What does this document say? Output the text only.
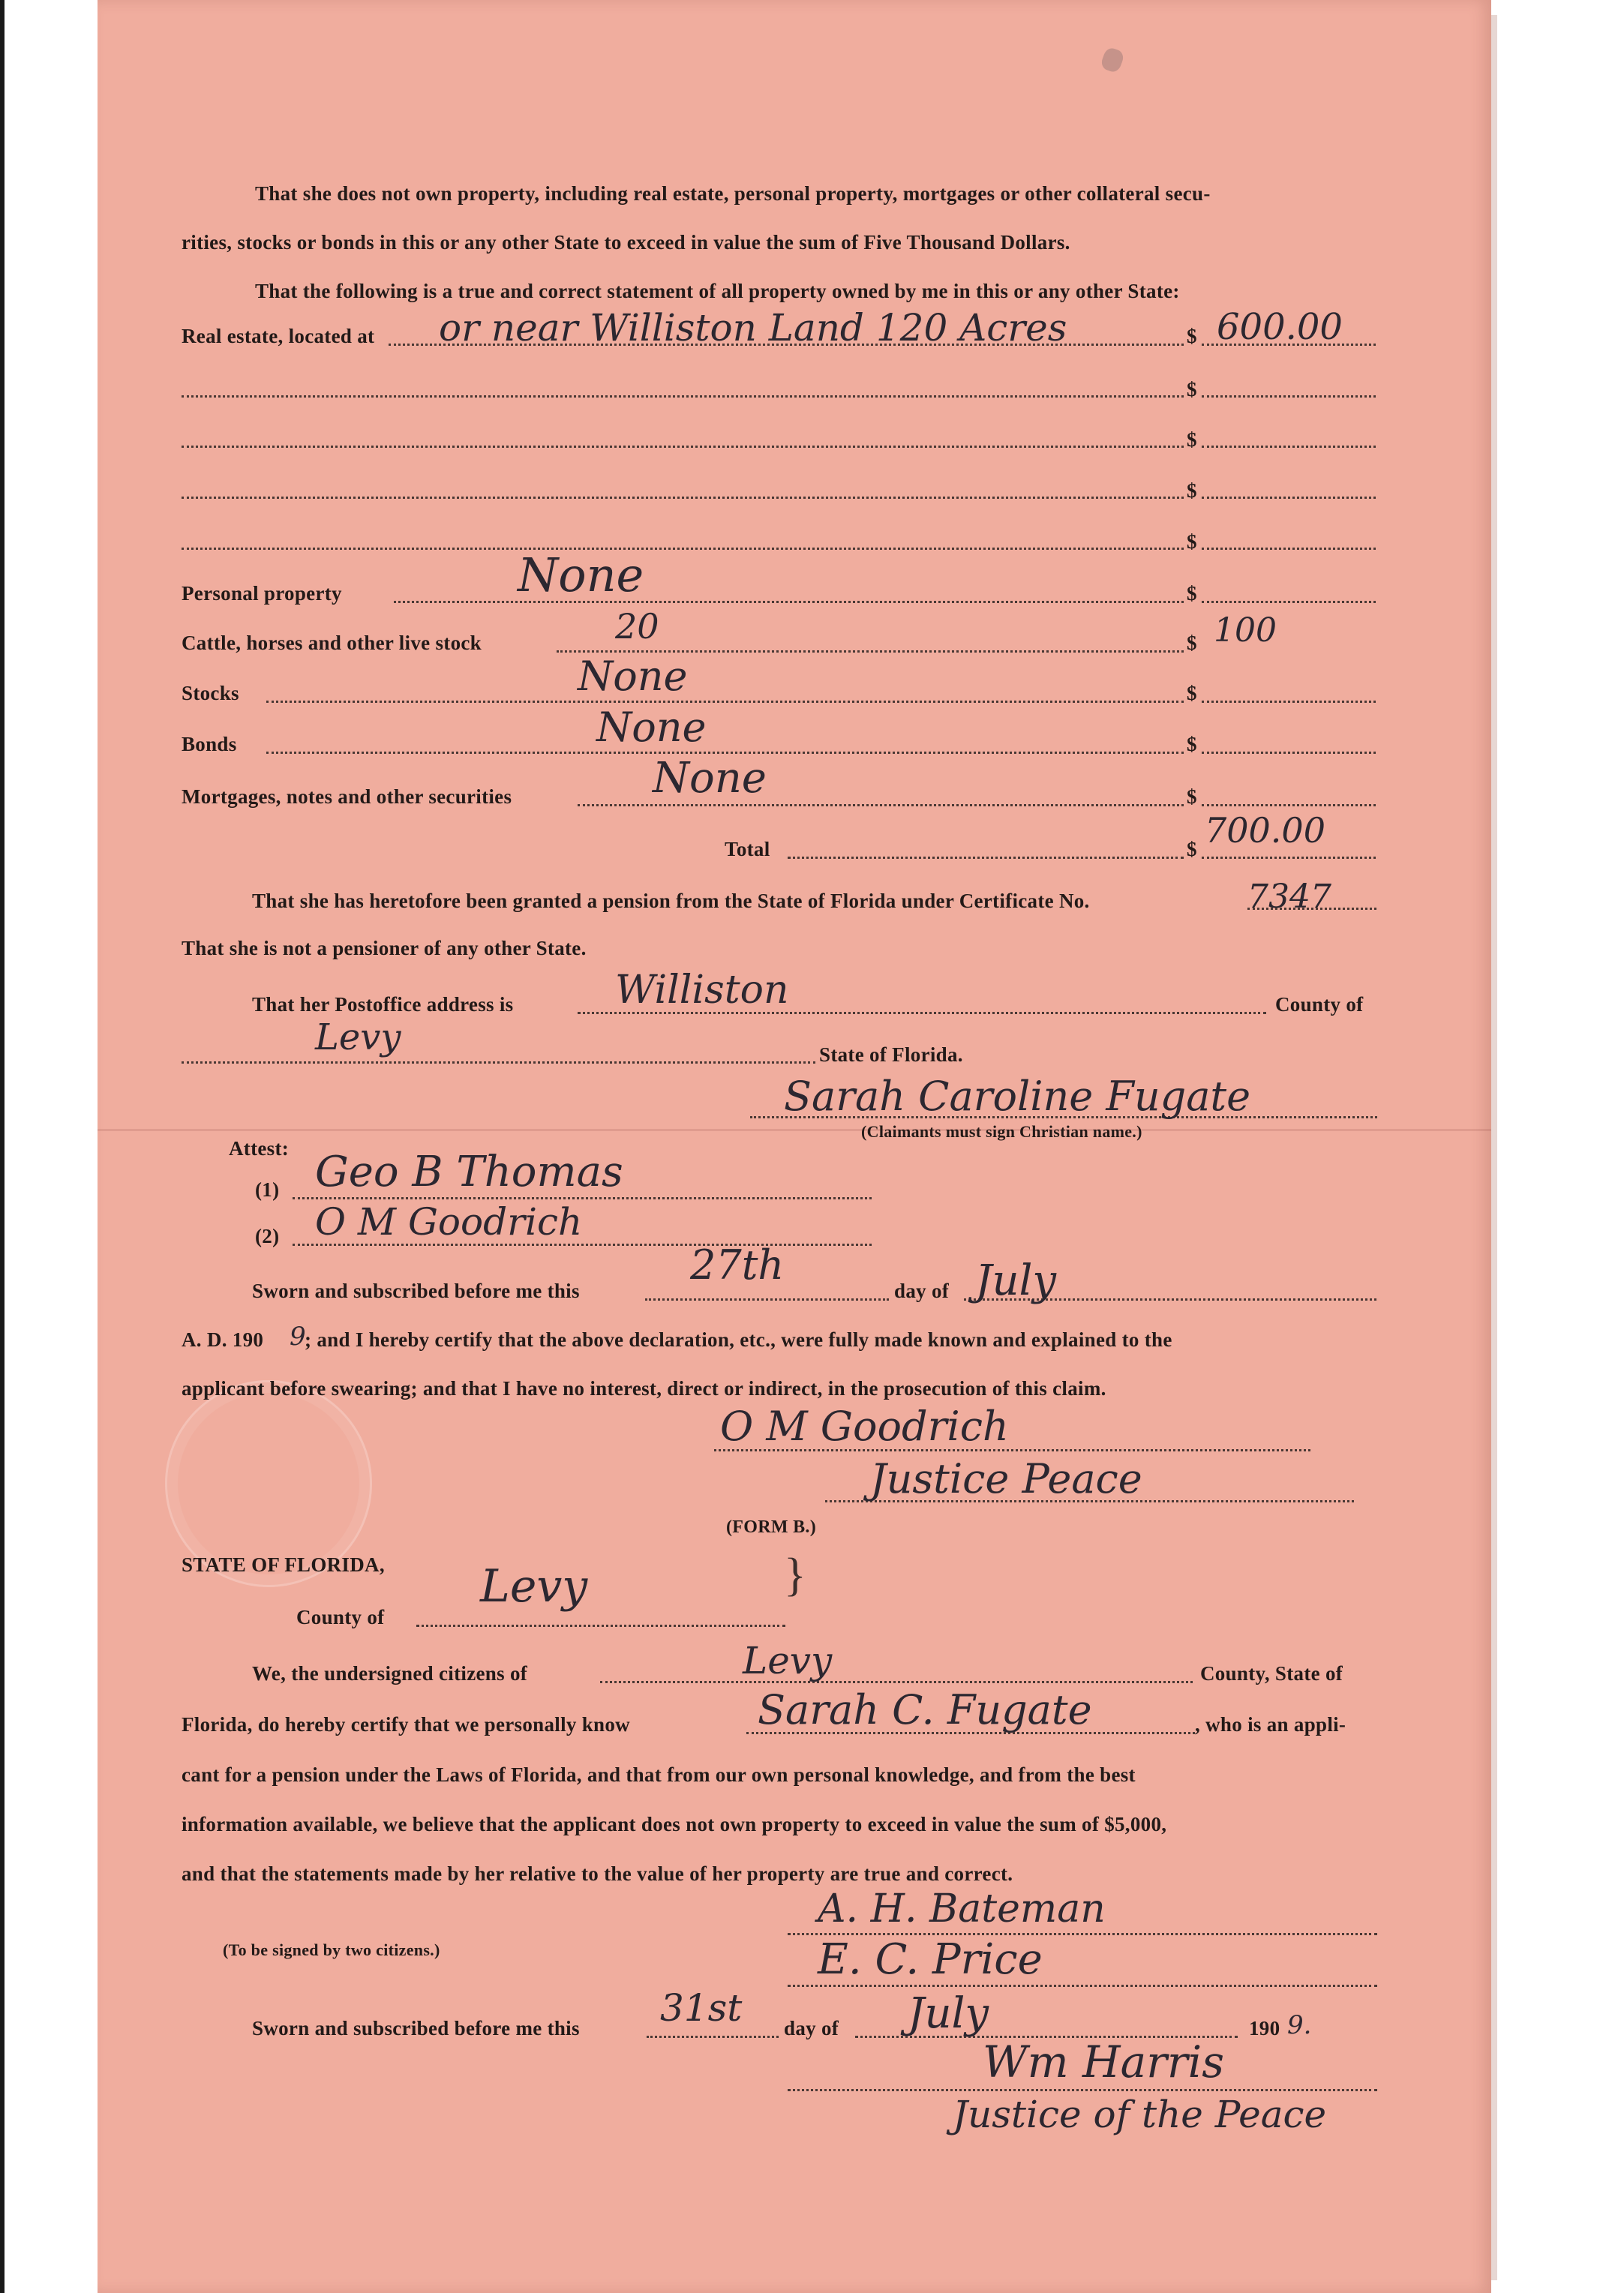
That she does not own property, including real estate, personal property, mortgages or other collateral secu-
rities, stocks or bonds in this or any other State to exceed in value the sum of Five Thousand Dollars.
That the following is a true and correct statement of all property owned by me in this or any other State:
Real estate, located at or near Williston Land 120 Acres	$ 600.00
$
$
$
$
Personal property	None	$
Cattle, horses and other live stock	20	$ 100
Stocks	None	$
Bonds	None	$
Mortgages, notes and other securities	None	$
Total	$ 700.00
That she has heretofore been granted a pension from the State of Florida under Certificate No.	7347
That she is not a pensioner of any other State.
That her Postoffice address is	Williston	County of
Levy	State of Florida.
Sarah Caroline Fugate
(Claimants must sign Christian name.)
Attest:
(1) Geo B Thomas
(2) O M Goodrich
Sworn and subscribed before me this
27th
day of July
A. D. 190 9
; and I hereby certify that the above declaration, etc., were fully made known and explained to the
applicant before swearing; and that I have no interest, direct or indirect, in the prosecution of this claim.
O M Goodrich
Justice Peace
(FORM B.)
STATE OF FLORIDA,
County of
Levy	}
We, the undersigned citizens of	Levy	County, State of
Florida, do hereby certify that we personally know	Sarah C. Fugate	, who is an appli-
cant for a pension under the Laws of Florida, and that from our own personal knowledge, and from the best
information available, we believe that the applicant does not own property to exceed in value the sum of $5,000,
and that the statements made by her relative to the value of her property are true and correct.
A. H. Bateman
(To be signed by two citizens.)	E. C. Price
Sworn and subscribed before me this 31st day of July	190 9.
Wm Harris
Justice of the Peace
